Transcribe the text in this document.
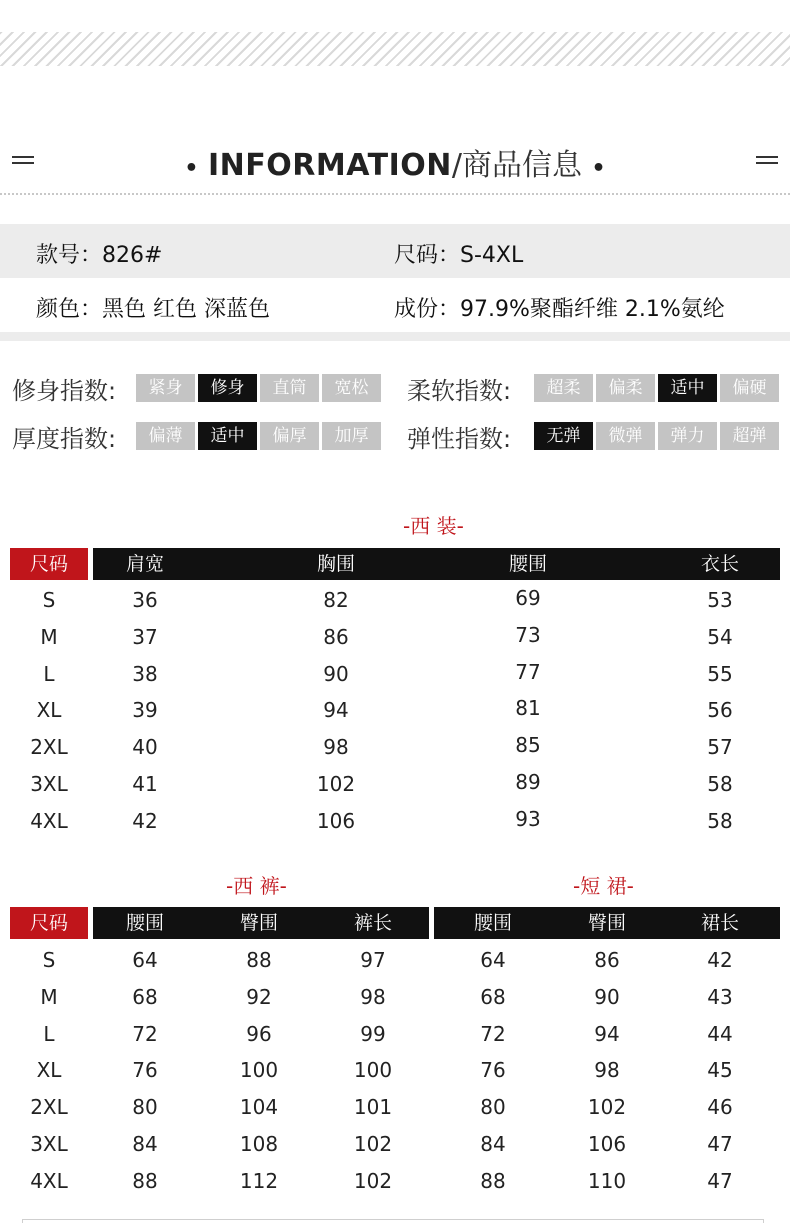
• INFORMATION/商品信息 •
款号：826#	尺码：S-4XL
颜色：黑色 红色 深蓝色	成份：97.9%聚酯纤维 2.1%氨纶
修身指数:	紧身	修身	直筒	宽松	柔软指数:	超柔	偏柔	适中	偏硬
厚度指数:	偏薄	适中	偏厚	加厚	弹性指数:	无弹	微弹	弹力	超弹
-西 装-
尺码	肩宽	胸围	腰围	衣长
S	36	82	69	53
M	37	86	73	54
L	38	90	77	55
XL	39	94	81	56
2XL	40	98	85	57
3XL	41	102	89	58
4XL	42	106	93	58
-西 裤-	-短 裙-
尺码	腰围	臀围	裤长	腰围	臀围	裙长
S	64	88	97	64	86	42
M	68	92	98	68	90	43
L	72	96	99	72	94	44
XL	76	100	100	76	98	45
2XL	80	104	101	80	102	46
3XL	84	108	102	84	106	47
4XL	88	112	102	88	110	47
